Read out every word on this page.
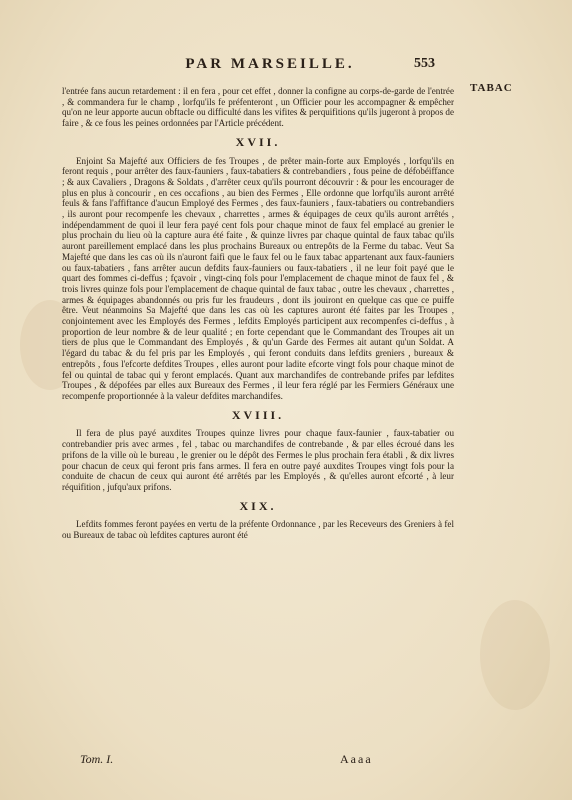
PAR MARSEILLE.	553
TABAC

l'entrée fans aucun retardement : il en fera , pour cet effet , donner la configne au corps-de-garde de l'entrée , & commandera fur le champ , lorfqu'ils fe préfenteront , un Officier pour les accompagner & empêcher qu'on ne leur apporte aucun obftacle ou difficulté dans les vifites & perquifitions qu'ils jugeront à propos de faire , & ce fous les peines ordonnées par l'Article précédent.

XVII.

Enjoint Sa Majefté aux Officiers de fes Troupes , de prêter main-forte aux Employés , lorfqu'ils en feront requis , pour arrêter des faux-fauniers , faux-tabatiers & contrebandiers , fous peine de défobéiffance ; & aux Cavaliers , Dragons & Soldats , d'arrêter ceux qu'ils pourront découvrir : & pour les encourager de plus en plus à concourir , en ces occafions , au bien des Fermes , Elle ordonne que lorfqu'ils auront arrêté feuls & fans l'affiftance d'aucun Employé des Fermes , des faux-fauniers , faux-tabatiers ou contrebandiers , ils auront pour recompenfe les chevaux , charrettes , armes & équipages de ceux qu'ils auront arrêtés , indépendamment de quoi il leur fera payé cent fols pour chaque minot de faux fel emplacé au grenier le plus prochain du lieu où la capture aura été faite , & quinze livres par chaque quintal de faux tabac qu'ils auront pareillement emplacé dans les plus prochains Bureaux ou entrepôts de la Ferme du tabac. Veut Sa Majefté que dans les cas où ils n'auront faifi que le faux fel ou le faux tabac appartenant aux faux-fauniers ou faux-tabatiers , fans arrêter aucun defdits faux-fauniers ou faux-tabatiers , il ne leur foit payé que le quart des fommes ci-deffus ; fçavoir , vingt-cinq fols pour l'emplacement de chaque minot de faux fel , & trois livres quinze fols pour l'emplacement de chaque quintal de faux tabac , outre les chevaux , charrettes , armes & équipages abandonnés ou pris fur les fraudeurs , dont ils jouiront en quelque cas que ce puiffe être. Veut néanmoins Sa Majefté que dans les cas où les captures auront été faites par les Troupes , conjointement avec les Employés des Fermes , lefdits Employés participent aux recompenfes ci-deffus , à proportion de leur nombre & de leur qualité ; en forte cependant que le Commandant des Troupes ait un tiers de plus que le Commandant des Employés , & qu'un Garde des Fermes ait autant qu'un Soldat. A l'égard du tabac & du fel pris par les Employés , qui feront conduits dans lefdits greniers , bureaux & entrepôts , fous l'efcorte defdites Troupes , elles auront pour ladite efcorte vingt fols pour chaque minot de fel ou quintal de tabac qui y feront emplacés. Quant aux marchandifes de contrebande prifes par lefdites Troupes , & dépofées par elles aux Bureaux des Fermes , il leur fera réglé par les Fermiers Généraux une recompenfe proportionnée à la valeur defdites marchandifes.

XVIII.

Il fera de plus payé auxdites Troupes quinze livres pour chaque faux-faunier , faux-tabatier ou contrebandier pris avec armes , fel , tabac ou marchandifes de contrebande , & par elles écroué dans les prifons de la ville où le bureau , le grenier ou le dépôt des Fermes le plus prochain fera établi , & dix livres pour chacun de ceux qui feront pris fans armes. Il fera en outre payé auxdites Troupes vingt fols pour la conduite de chacun de ceux qui auront été arrêtés par les Employés , & qu'elles auront efcorté , à leur réquifition , jufqu'aux prifons.

XIX.

Lefdits fommes feront payées en vertu de la préfente Ordonnance , par les Receveurs des Greniers à fel ou Bureaux de tabac où lefdites captures auront été

Tom. I.	Aaaa
